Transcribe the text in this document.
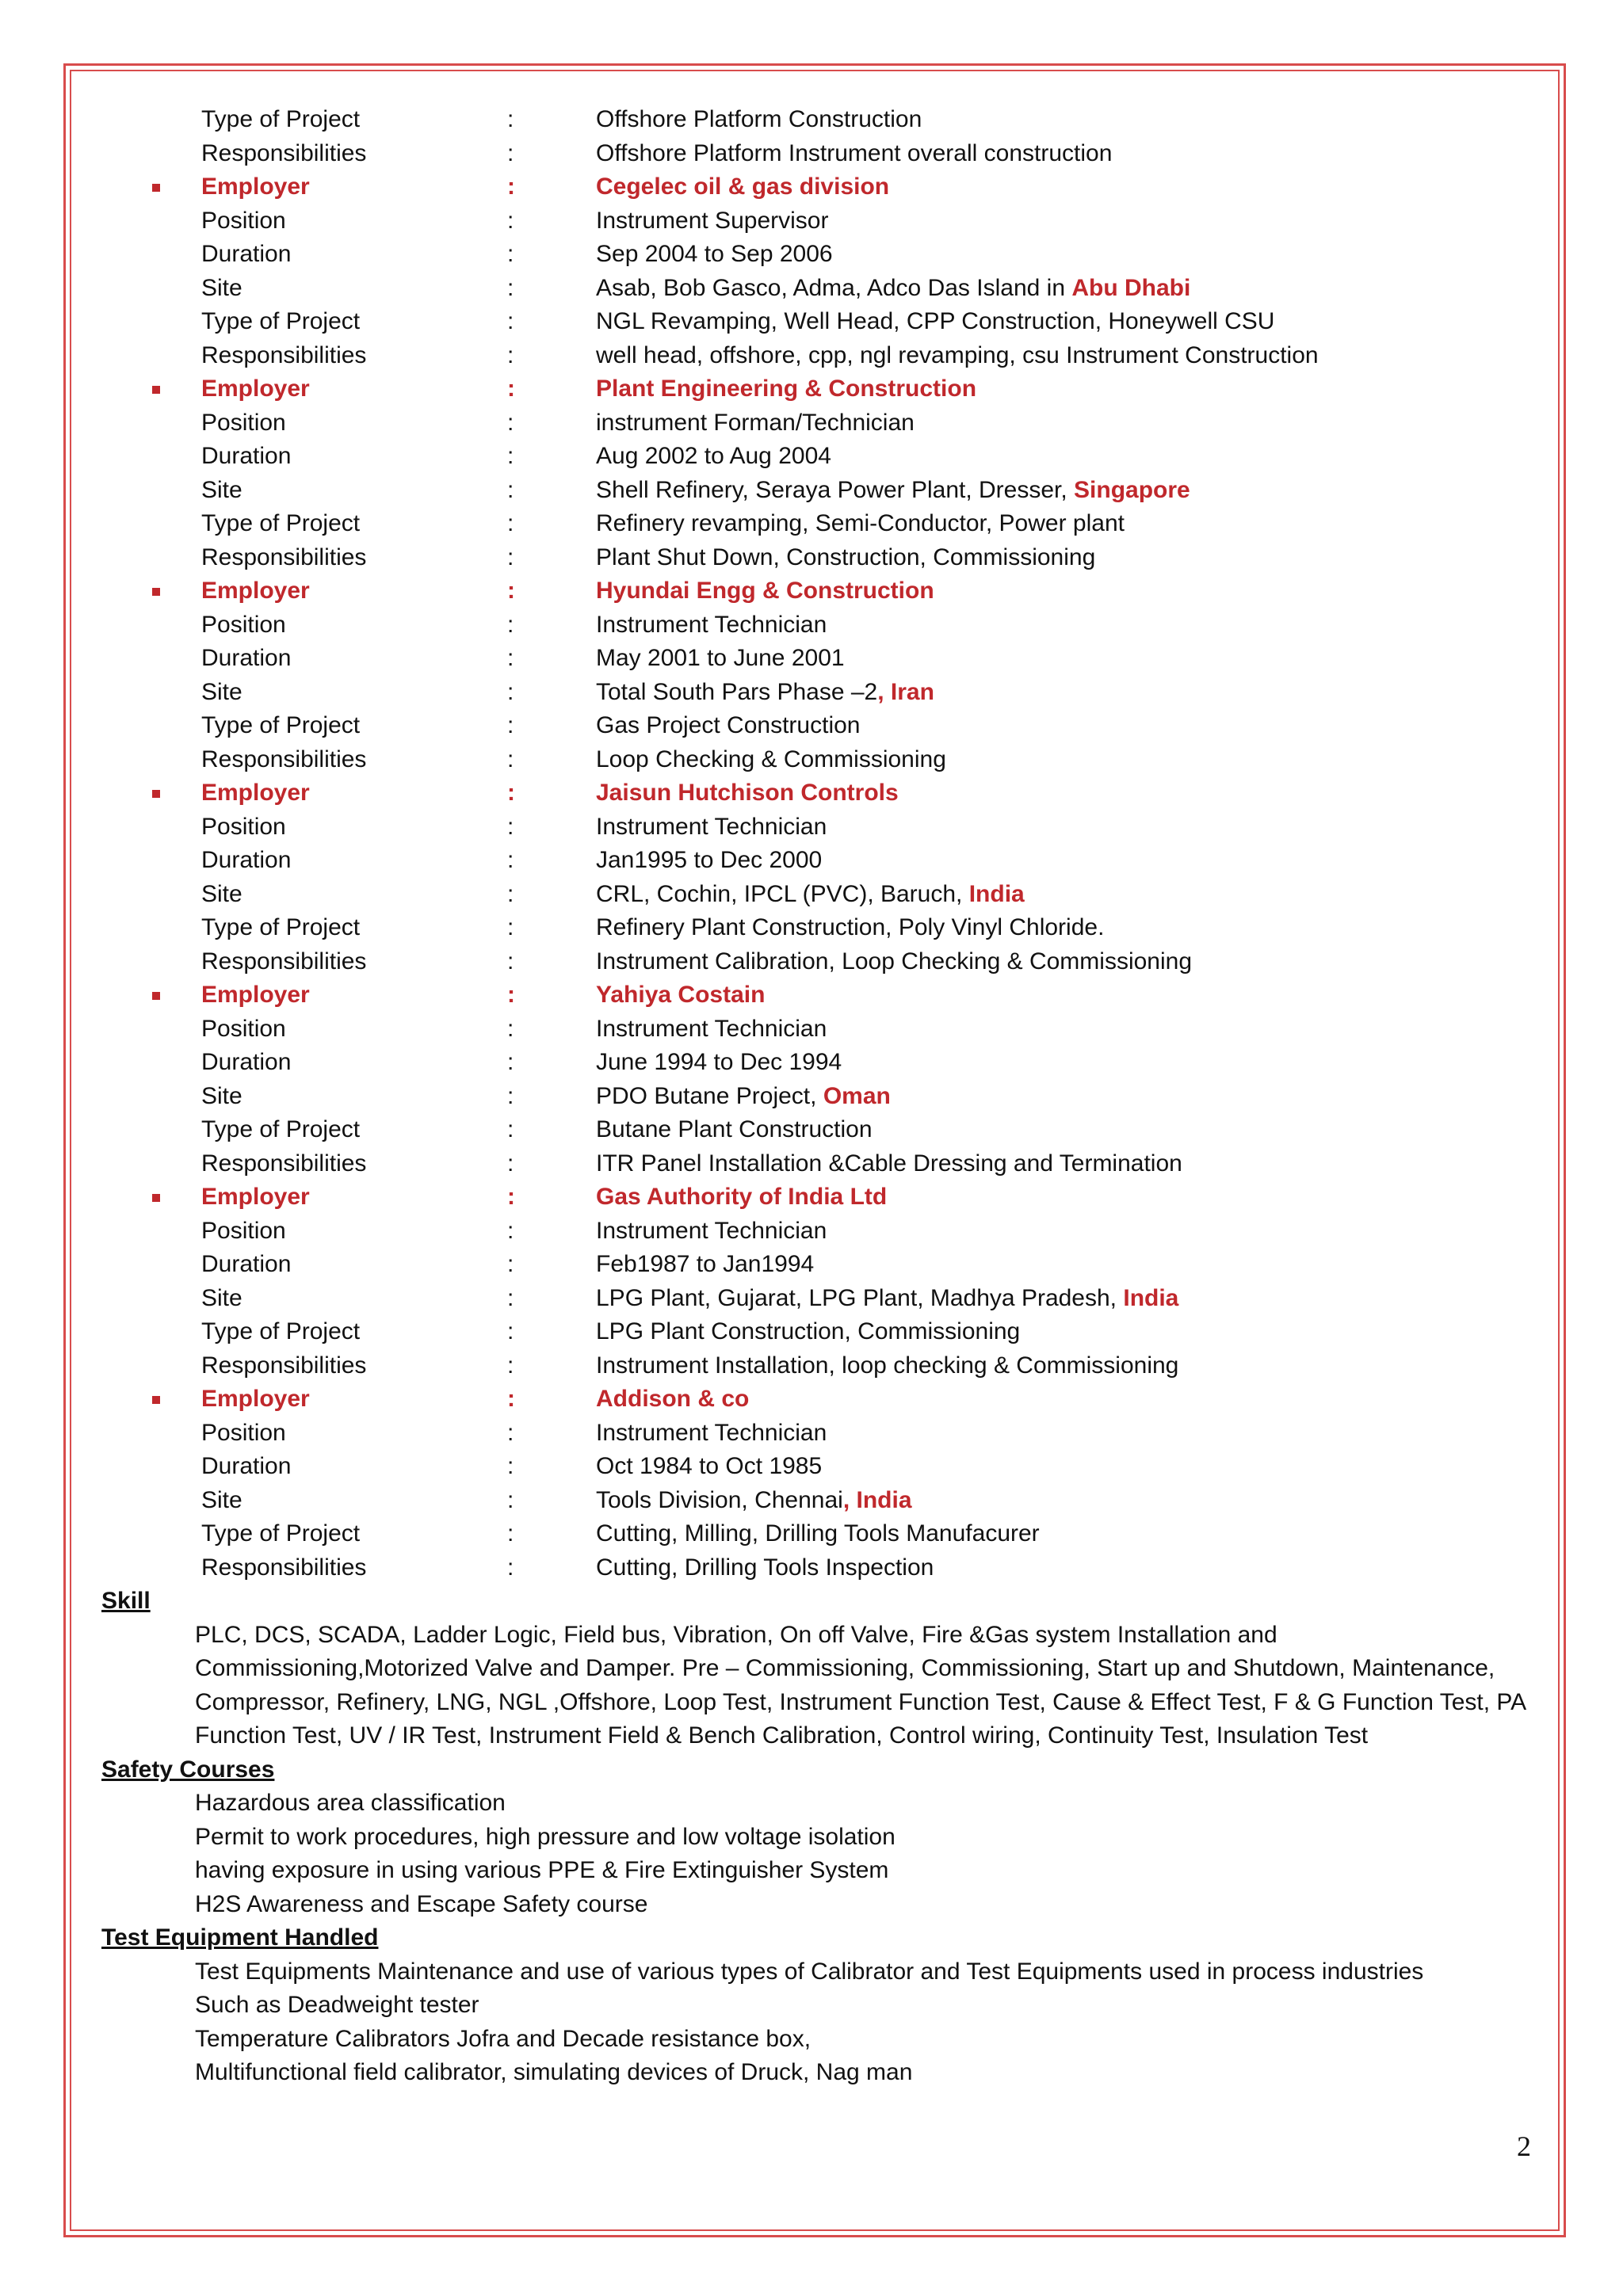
Type of Project	:	Offshore Platform Construction
Responsibilities	:	Offshore Platform Instrument overall construction
Employer	:	Cegelec oil & gas division
Position	:	Instrument Supervisor
Duration	:	Sep 2004 to Sep 2006
Site	:	Asab, Bob Gasco, Adma, Adco Das Island in Abu Dhabi
Type of Project	:	NGL Revamping, Well Head, CPP Construction, Honeywell CSU
Responsibilities	:	well head, offshore, cpp, ngl revamping, csu Instrument Construction
Employer	:	Plant Engineering & Construction
Position	:	instrument Forman/Technician
Duration	:	Aug 2002 to Aug 2004
Site	:	Shell Refinery, Seraya Power Plant, Dresser, Singapore
Type of Project	:	Refinery revamping, Semi-Conductor, Power plant
Responsibilities	:	Plant Shut Down, Construction, Commissioning
Employer	:	Hyundai Engg & Construction
Position	:	Instrument Technician
Duration	:	May 2001 to June 2001
Site	:	Total South Pars Phase –2, Iran
Type of Project	:	Gas Project Construction
Responsibilities	:	Loop Checking & Commissioning
Employer	:	Jaisun Hutchison Controls
Position	:	Instrument Technician
Duration	:	Jan1995 to Dec 2000
Site	:	CRL, Cochin, IPCL (PVC), Baruch, India
Type of Project	:	Refinery Plant Construction, Poly Vinyl Chloride.
Responsibilities	:	Instrument Calibration, Loop Checking & Commissioning
Employer	:	Yahiya Costain
Position	:	Instrument Technician
Duration	:	June 1994 to Dec 1994
Site	:	PDO Butane Project, Oman
Type of Project	:	Butane Plant Construction
Responsibilities	:	ITR Panel Installation &Cable Dressing and Termination
Employer	:	Gas Authority of India Ltd
Position	:	Instrument Technician
Duration	:	Feb1987 to Jan1994
Site	:	LPG Plant, Gujarat, LPG Plant, Madhya Pradesh, India
Type of Project	:	LPG Plant Construction, Commissioning
Responsibilities	:	Instrument Installation, loop checking & Commissioning
Employer	:	Addison & co
Position	:	Instrument Technician
Duration	:	Oct 1984 to Oct 1985
Site	:	Tools Division, Chennai, India
Type of Project	:	Cutting, Milling, Drilling Tools Manufacurer
Responsibilities	:	Cutting, Drilling Tools Inspection
Skill
PLC, DCS, SCADA, Ladder Logic, Field bus, Vibration, On off Valve, Fire &Gas system Installation and Commissioning,Motorized Valve and Damper. Pre – Commissioning, Commissioning, Start up and Shutdown, Maintenance, Compressor, Refinery, LNG, NGL ,Offshore, Loop Test, Instrument Function Test, Cause & Effect Test, F & G Function Test, PA Function Test, UV / IR Test, Instrument Field & Bench Calibration, Control wiring, Continuity Test, Insulation Test
Safety Courses
Hazardous area classification
Permit to work procedures, high pressure and low voltage isolation
having exposure in using various PPE & Fire Extinguisher System
H2S Awareness and Escape Safety course
Test Equipment Handled
Test Equipments Maintenance and use of various types of Calibrator and Test Equipments used in process industries
Such as Deadweight tester
Temperature Calibrators Jofra and Decade resistance box,
Multifunctional field calibrator, simulating devices of Druck, Nag man
2
